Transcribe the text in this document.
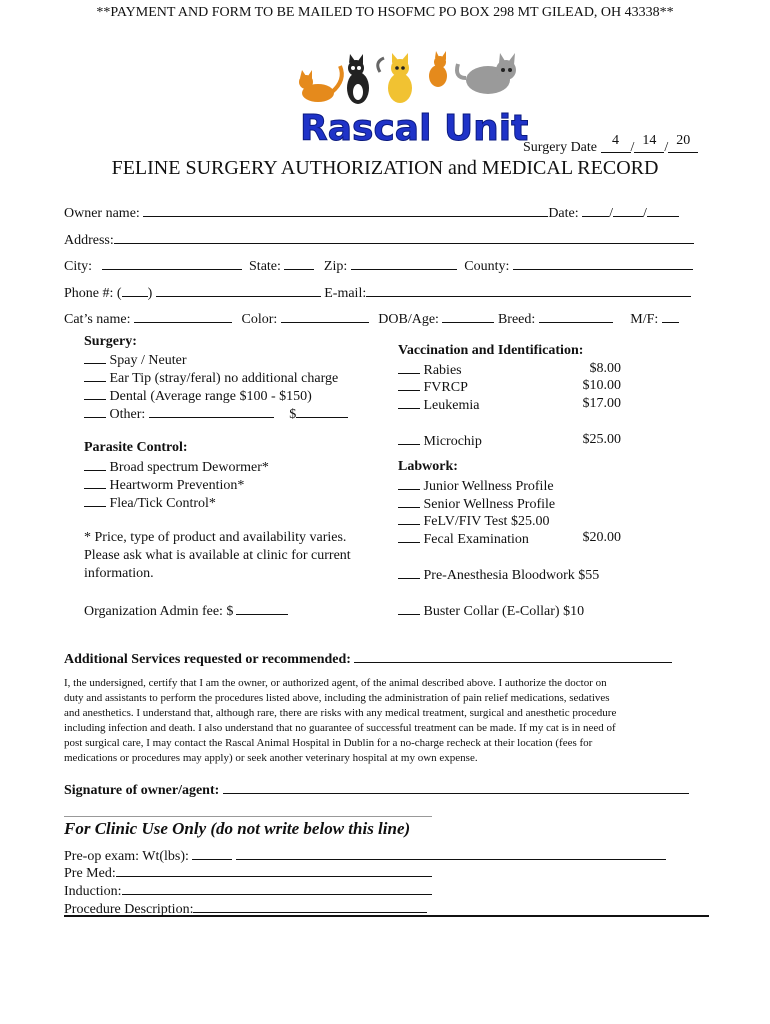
**PAYMENT AND FORM TO BE MAILED TO HSOFMC PO BOX 298 MT GILEAD, OH 43338**
Rascal Unit
Surgery Date 4 / 14 / 20
FELINE SURGERY AUTHORIZATION and MEDICAL RECORD
Owner name:	Date: / /
Address:
City:	State:	Zip:	County:
Phone #: ( )	E-mail:
Cat’s name:	Color:	DOB/Age:	Breed:	M/F:
Surgery:
Spay / Neuter
Ear Tip (stray/feral) no additional charge
Dental (Average range $100 - $150)
Other:	$
Parasite Control:
Broad spectrum Dewormer*
Heartworm Prevention*
Flea/Tick Control*
* Price, type of product and availability varies.
Please ask what is available at clinic for current
information.
Organization Admin fee: $
Vaccination and Identification:
Rabies	$8.00
FVRCP	$10.00
Leukemia	$17.00
Microchip	$25.00
Labwork:
Junior Wellness Profile
Senior Wellness Profile
FeLV/FIV Test $25.00
Fecal Examination	$20.00
Pre-Anesthesia Bloodwork $55
Buster Collar (E-Collar) $10
Additional Services requested or recommended:
I, the undersigned, certify that I am the owner, or authorized agent, of the animal described above. I authorize the doctor on
duty and assistants to perform the procedures listed above, including the administration of pain relief medications, sedatives
and anesthetics. I understand that, although rare, there are risks with any medical treatment, surgical and anesthetic procedure
including infection and death. I also understand that no guarantee of successful treatment can be made. If my cat is in need of
post surgical care, I may contact the Rascal Animal Hospital in Dublin for a no-charge recheck at their location (fees for
medications or procedures may apply) or seek another veterinary hospital at my own expense.
Signature of owner/agent:
For Clinic Use Only (do not write below this line)
Pre-op exam: Wt(lbs):
Pre Med:
Induction:
Procedure Description:
